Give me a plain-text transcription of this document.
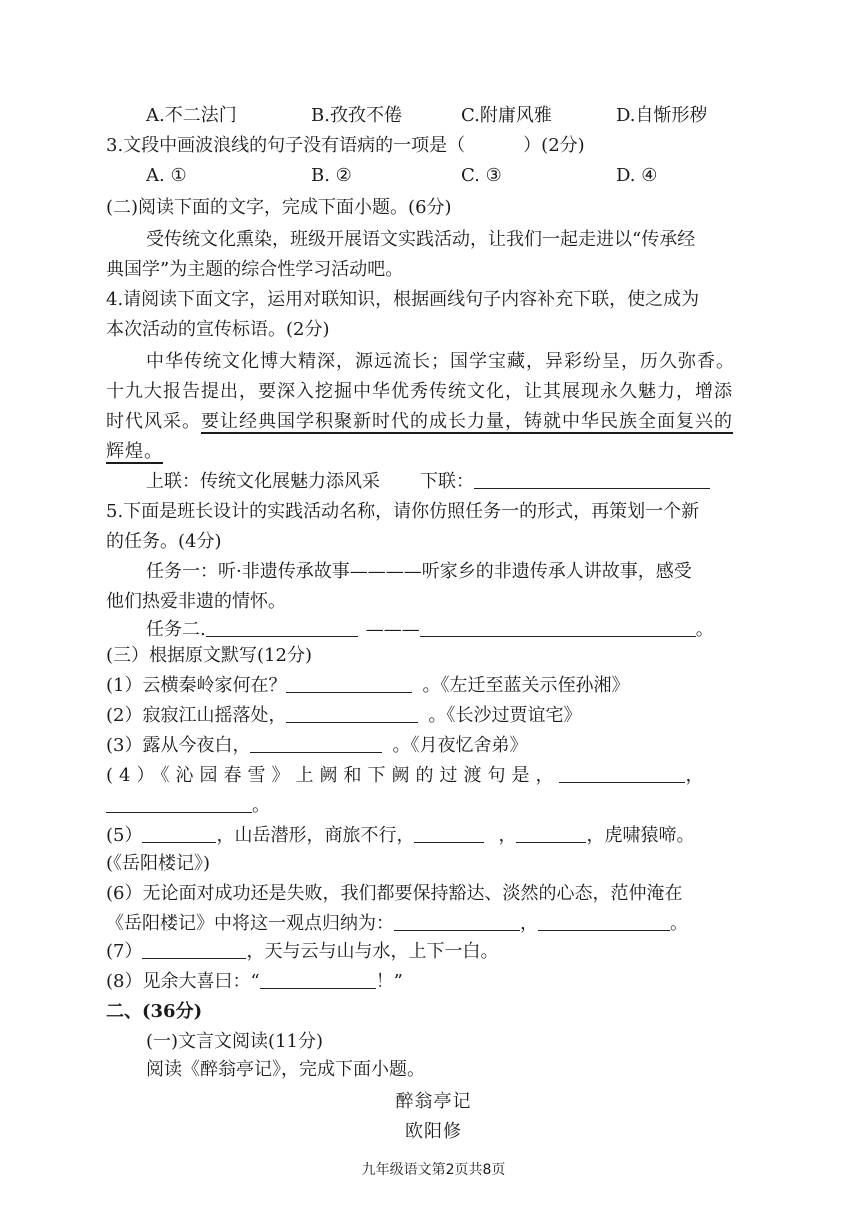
A.不二法门	B.孜孜不倦	C.附庸风雅	D.自惭形秽
3.文段中画波浪线的句子没有语病的一项是（	）(2分)
A. ①	B. ②	C. ③	D. ④
(二)阅读下面的文字，完成下面小题。(6分)
受传统文化熏染，班级开展语文实践活动，让我们一起走进以“传承经
典国学”为主题的综合性学习活动吧。
4.请阅读下面文字，运用对联知识，根据画线句子内容补充下联，使之成为
本次活动的宣传标语。(2分)
中华传统文化博大精深，源远流长；国学宝藏，异彩纷呈，历久弥香。
十九大报告提出，要深入挖掘中华优秀传统文化，让其展现永久魅力，增添
时代风采。要让经典国学积聚新时代的成长力量，铸就中华民族全面复兴的
辉煌。
上联：传统文化展魅力添风采 下联：
5.下面是班长设计的实践活动名称，请你仿照任务一的形式，再策划一个新
的任务。(4分)
任务一：听·非遗传承故事————听家乡的非遗传承人讲故事，感受
他们热爱非遗的情怀。
任务二.	———	。
(三）根据原文默写(12分)
(1）云横秦岭家何在？	。《左迁至蓝关示侄孙湘》
(2）寂寂江山摇落处，	。《长沙过贾谊宅》
(3）露从今夜白，	。《月夜忆舍弟》
(4）《沁园春雪》上阙和下阙的过渡句是，	，
。
(5）	，山岳潜形，商旅不行，	，	，虎啸猿啼。
(《岳阳楼记》)
(6）无论面对成功还是失败，我们都要保持豁达、淡然的心态，范仲淹在
《岳阳楼记》中将这一观点归纳为：	，	。
(7）	，天与云与山与水，上下一白。
(8）见余大喜曰：“	！”
二、(36分)
(一)文言文阅读(11分)
阅读《醉翁亭记》，完成下面小题。
醉翁亭记
欧阳修
九年级语文第2页共8页
